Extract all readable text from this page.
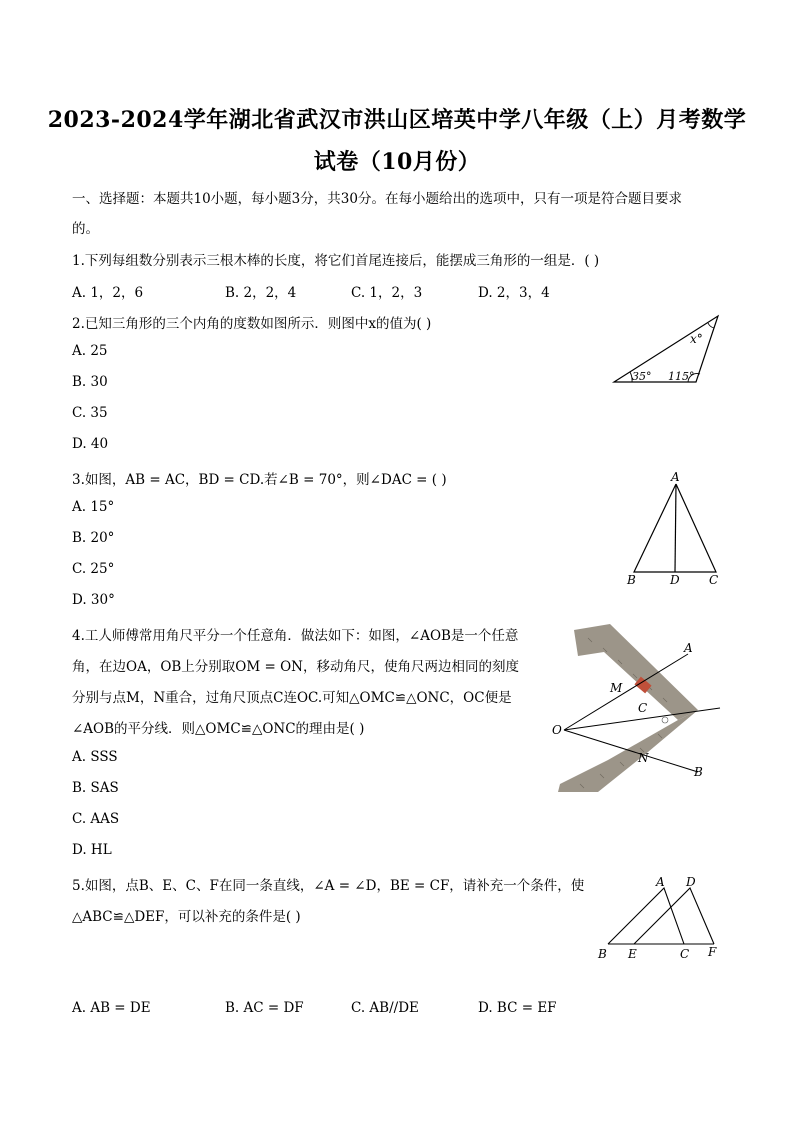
2023-2024学年湖北省武汉市洪山区培英中学八年级（上）月考数学
试卷（10月份）
一、选择题：本题共10小题，每小题3分，共30分。在每小题给出的选项中，只有一项是符合题目要求
的。
1.下列每组数分别表示三根木棒的长度，将它们首尾连接后，能摆成三角形的一组是．( )
A. 1，2，6	B. 2，2，4	C. 1，2，3	D. 2，3，4
2.已知三角形的三个内角的度数如图所示．则图中x的值为( )
A. 25
B. 30
C. 35
D. 40
x°
35° 115°
3.如图，AB = AC，BD = CD.若∠B = 70°，则∠DAC = ( )
A. 15°
B. 20°
C. 25°
D. 30°
A
B	D C
4.工人师傅常用角尺平分一个任意角．做法如下：如图，∠AOB是一个任意
角，在边OA，OB上分别取OM = ON，移动角尺，使角尺两边相同的刻度
分别与点M，N重合，过角尺顶点C连OC.可知△OMC≌△ONC，OC便是
∠AOB的平分线．则△OMC≌△ONC的理由是( )
A. SSS
B. SAS
C. AAS
D. HL
A
B
O
M
N
C
5.如图，点B、E、C、F在同一条直线，∠A = ∠D，BE = CF，请补充一个条件，使
△ABC≌△DEF，可以补充的条件是( )
A D
B E	C F
A. AB = DE	B. AC = DF	C. AB//DE	D. BC = EF
